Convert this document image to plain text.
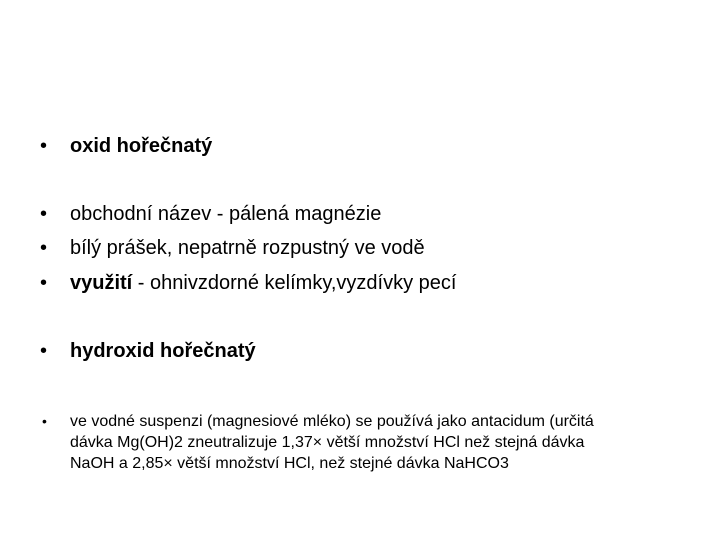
• oxid hořečnatý
• obchodní název - pálená magnézie
• bílý prášek, nepatrně rozpustný ve vodě
• využití - ohnivzdorné kelímky,vyzdívky pecí
• hydroxid hořečnatý
• ve vodné suspenzi (magnesiové mléko) se používá jako antacidum (určitá
dávka Mg(OH)2 zneutralizuje 1,37× větší množství HCl než stejná dávka
NaOH a 2,85× větší množství HCl, než stejné dávka NaHCO3
